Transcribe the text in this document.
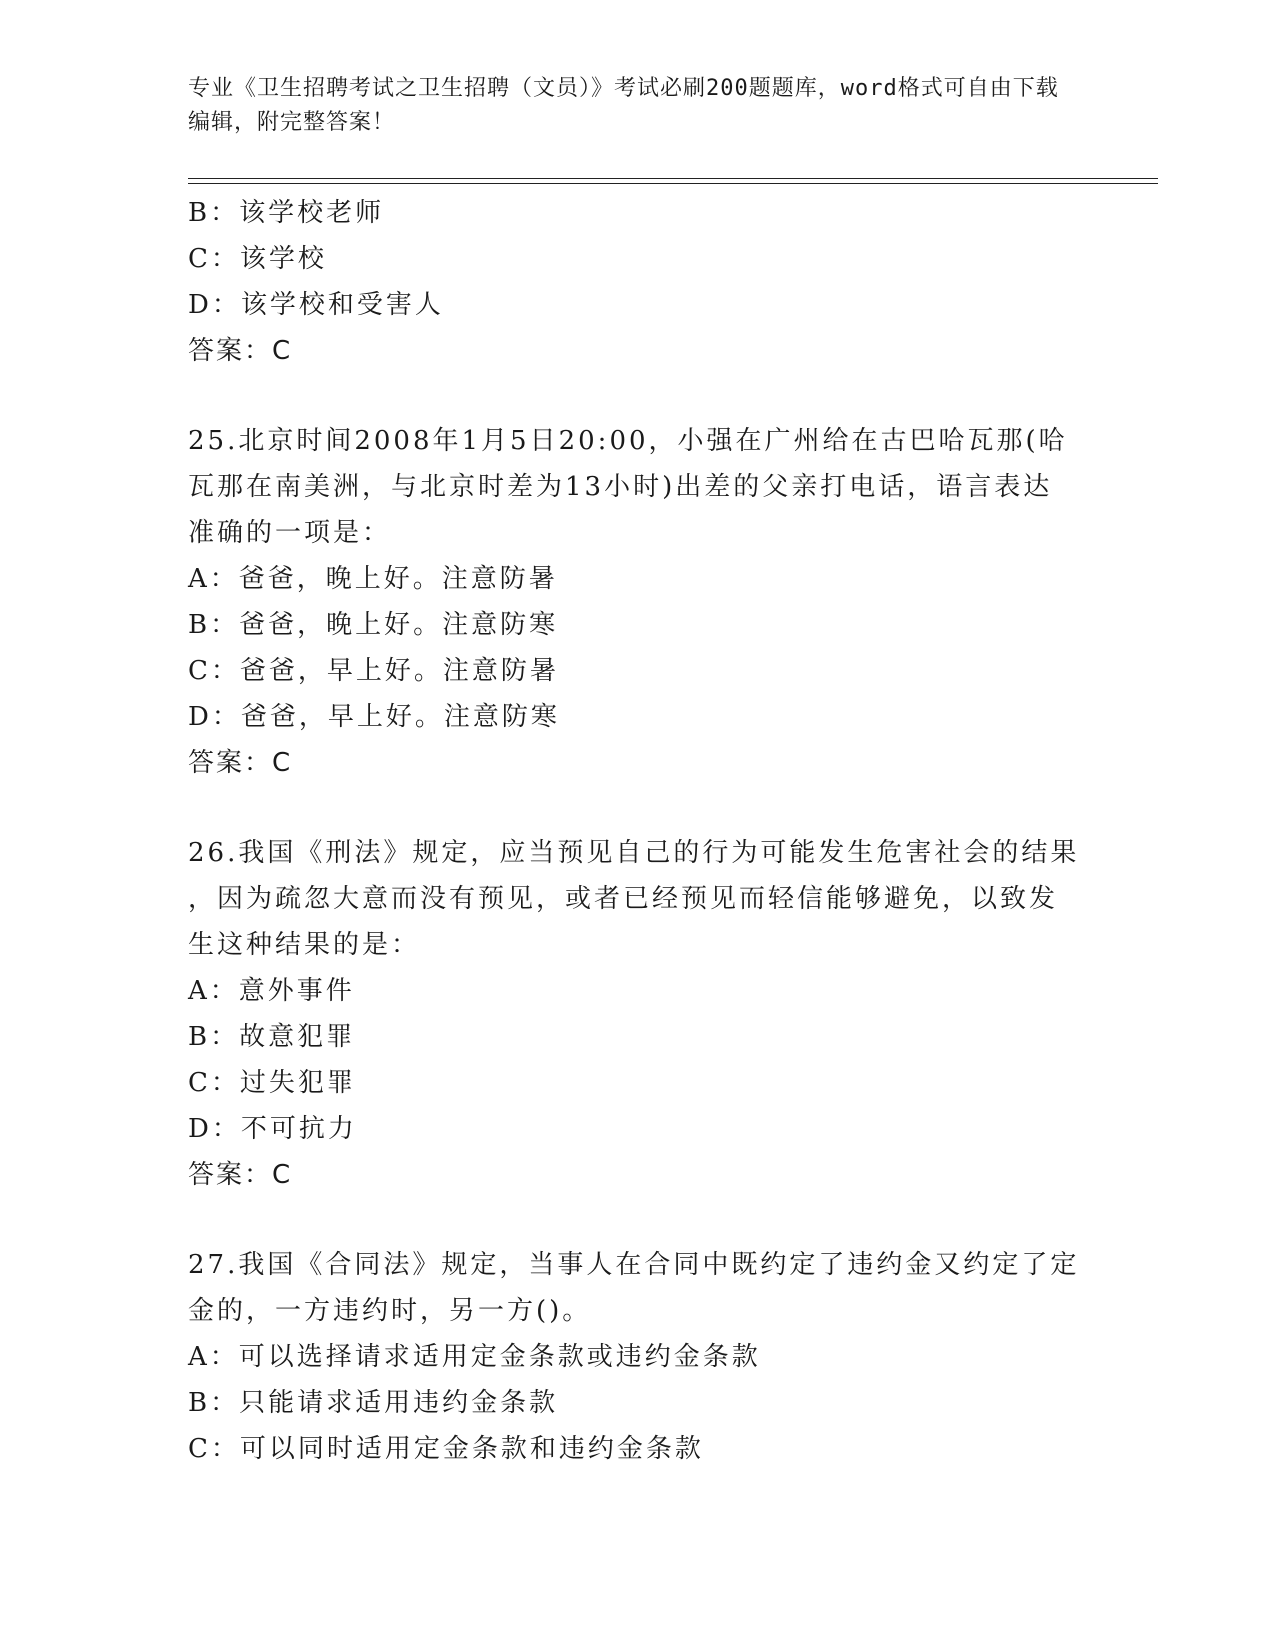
专业《卫生招聘考试之卫生招聘（文员）》考试必刷200题题库，word格式可自由下载编辑，附完整答案！
B：该学校老师
C：该学校
D：该学校和受害人
答案：C
25.北京时间2008年1月5日20:00，小强在广州给在古巴哈瓦那(哈
瓦那在南美洲，与北京时差为13小时)出差的父亲打电话，语言表达
准确的一项是：
A：爸爸，晚上好。注意防暑
B：爸爸，晚上好。注意防寒
C：爸爸，早上好。注意防暑
D：爸爸，早上好。注意防寒
答案：C
26.我国《刑法》规定，应当预见自己的行为可能发生危害社会的结果
，因为疏忽大意而没有预见，或者已经预见而轻信能够避免，以致发
生这种结果的是：
A：意外事件
B：故意犯罪
C：过失犯罪
D：不可抗力
答案：C
27.我国《合同法》规定，当事人在合同中既约定了违约金又约定了定
金的，一方违约时，另一方()。
A：可以选择请求适用定金条款或违约金条款
B：只能请求适用违约金条款
C：可以同时适用定金条款和违约金条款
